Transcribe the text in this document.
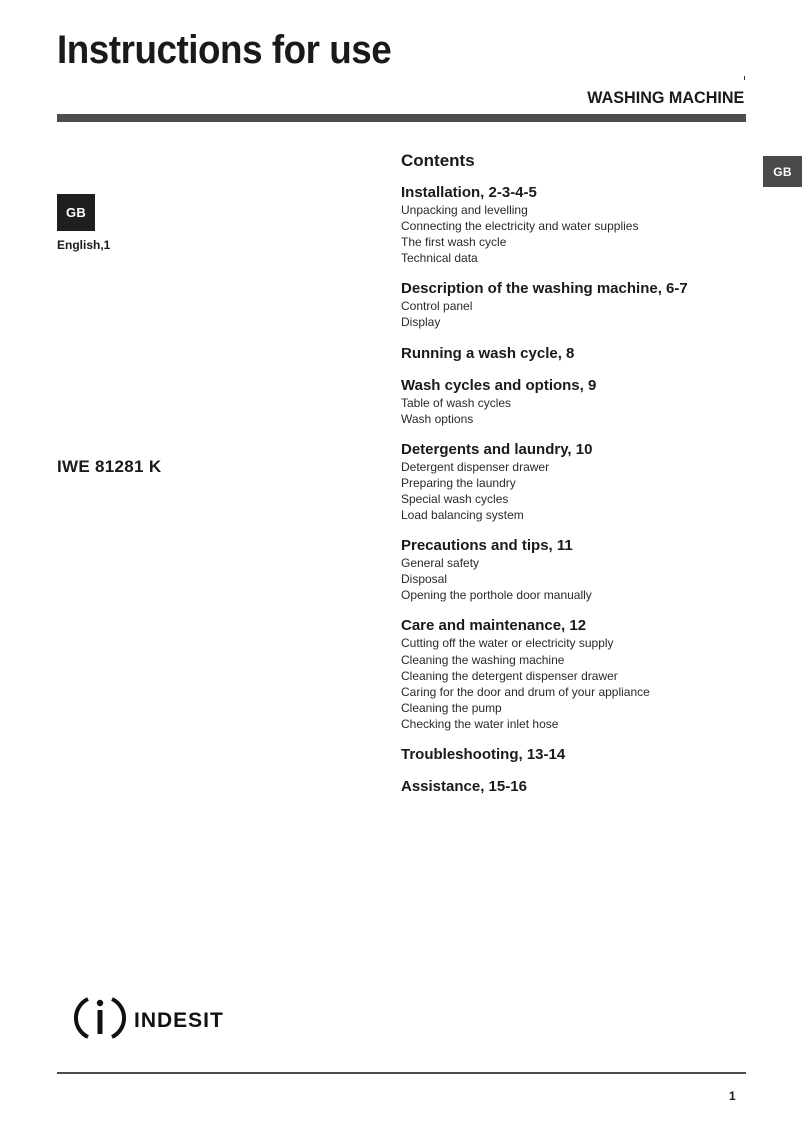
Instructions for use
WASHING MACHINE
GB
English,1
GB
IWE 81281 K
Contents
Installation, 2-3-4-5
Unpacking and levelling
Connecting the electricity and water supplies
The first wash cycle
Technical data
Description of the washing machine, 6-7
Control panel
Display
Running a wash cycle, 8
Wash cycles and options, 9
Table of wash cycles
Wash options
Detergents and laundry, 10
Detergent dispenser drawer
Preparing the laundry
Special wash cycles
Load balancing system
Precautions and tips, 11
General safety
Disposal
Opening the porthole door manually
Care and maintenance, 12
Cutting off the water or electricity supply
Cleaning the washing machine
Cleaning the detergent dispenser drawer
Caring for the door and drum of your appliance
Cleaning the pump
Checking the water inlet hose
Troubleshooting, 13-14
Assistance, 15-16
indesit
1
